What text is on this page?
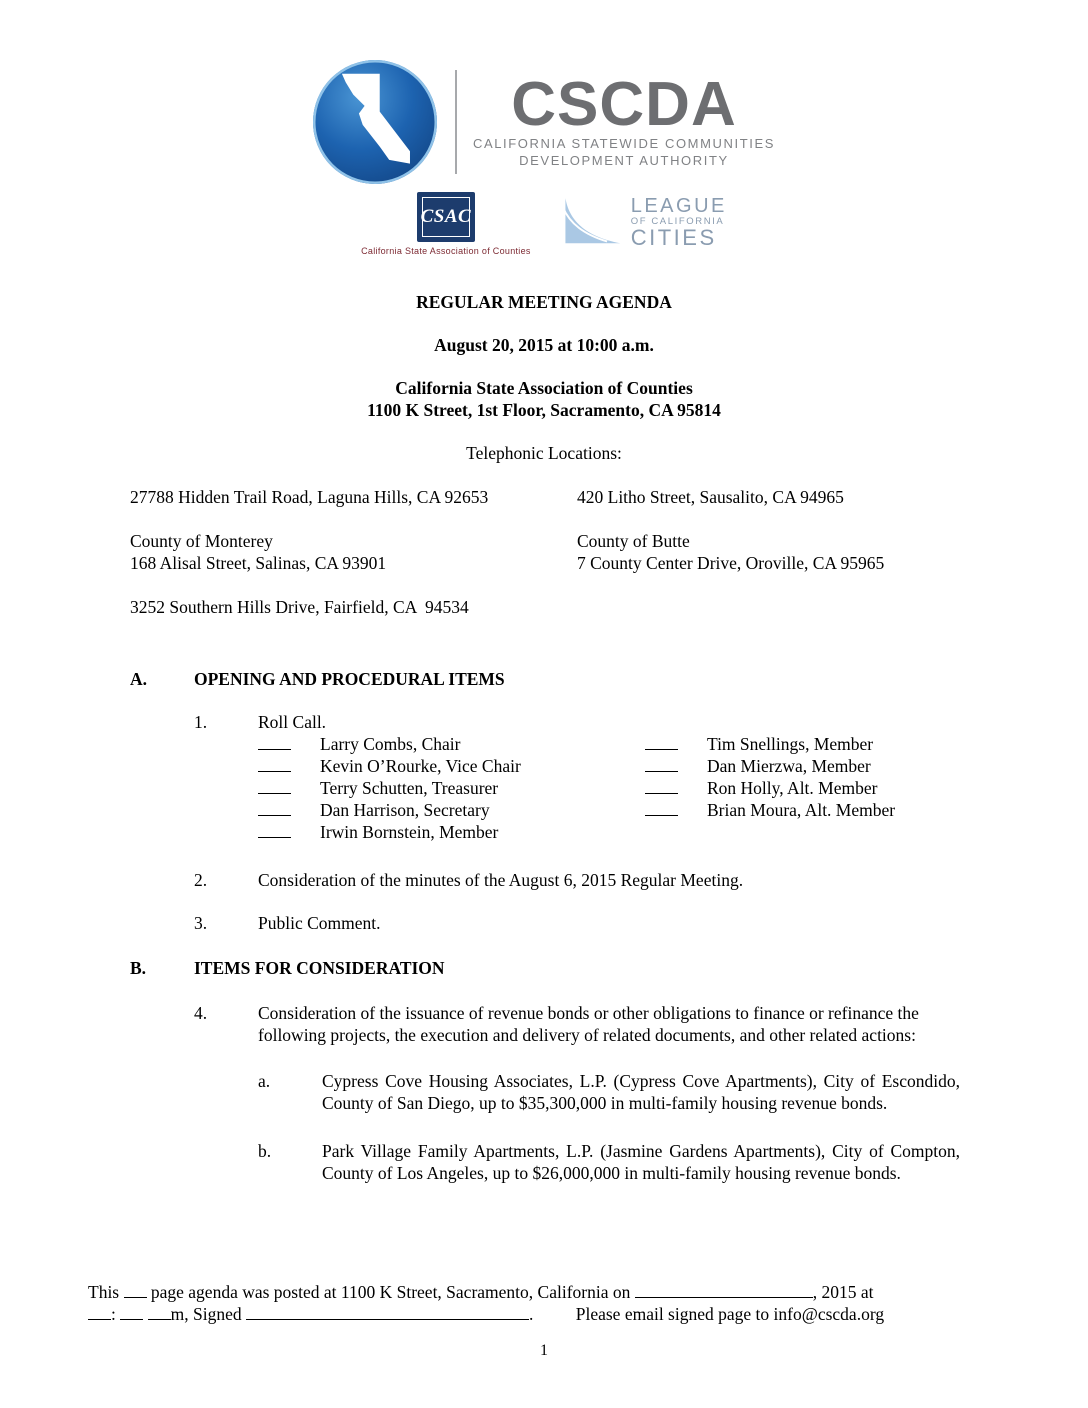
CSCDA
CALIFORNIA STATEWIDE COMMUNITIES
DEVELOPMENT AUTHORITY
CSAC
California State Association of Counties
LEAGUE
OF CALIFORNIA
CITIES
REGULAR MEETING AGENDA
August 20, 2015 at 10:00 a.m.
California State Association of Counties
1100 K Street, 1st Floor, Sacramento, CA 95814
Telephonic Locations:
27788 Hidden Trail Road, Laguna Hills, CA 92653	420 Litho Street, Sausalito, CA 94965
County of Monterey
168 Alisal Street, Salinas, CA 93901
County of Butte
7 County Center Drive, Oroville, CA 95965
3252 Southern Hills Drive, Fairfield, CA  94534
A.	OPENING AND PROCEDURAL ITEMS
1.	Roll Call.
Larry Combs, Chair
Kevin O’Rourke, Vice Chair
Terry Schutten, Treasurer
Dan Harrison, Secretary
Irwin Bornstein, Member
Tim Snellings, Member
Dan Mierzwa, Member
Ron Holly, Alt. Member
Brian Moura, Alt. Member
2.	Consideration of the minutes of the August 6, 2015 Regular Meeting.
3.	Public Comment.
B.	ITEMS FOR CONSIDERATION
4.	Consideration of the issuance of revenue bonds or other obligations to finance or refinance the following projects, the execution and delivery of related documents, and other related actions:
a.	Cypress Cove Housing Associates, L.P. (Cypress Cove Apartments), City of Escondido, County of San Diego, up to $35,300,000 in multi-family housing revenue bonds.
b.	Park Village Family Apartments, L.P. (Jasmine Gardens Apartments), City of Compton, County of Los Angeles, up to $26,000,000 in multi-family housing revenue bonds.
This page agenda was posted at 1100 K Street, Sacramento, California on	, 2015 at
:	m, Signed	. Please email signed page to info@cscda.org
1
